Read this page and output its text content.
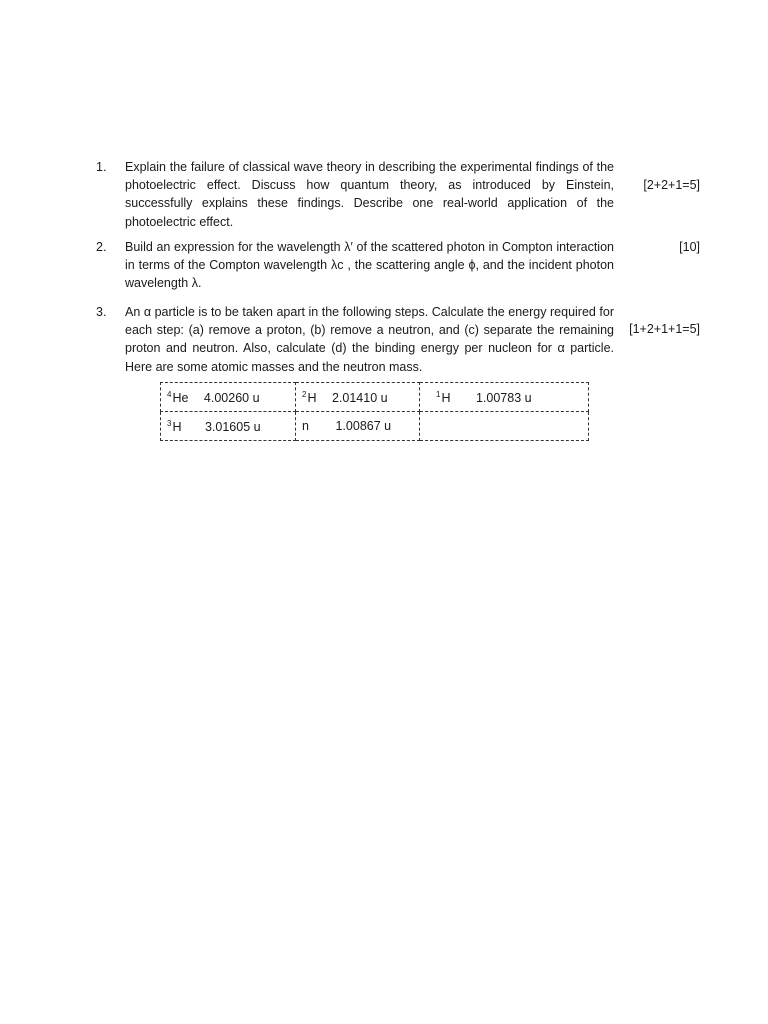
1. Explain the failure of classical wave theory in describing the experimental findings of the photoelectric effect. Discuss how quantum theory, as introduced by Einstein, successfully explains these findings. Describe one real-world application of the photoelectric effect.
[2+2+1=5]
2. Build an expression for the wavelength λ′ of the scattered photon in Compton interaction in terms of the Compton wavelength λc , the scattering angle ϕ, and the incident photon wavelength λ.
[10]
3. An α particle is to be taken apart in the following steps. Calculate the energy required for each step: (a) remove a proton, (b) remove a neutron, and (c) separate the remaining proton and neutron. Also, calculate (d) the binding energy per nucleon for α particle. Here are some atomic masses and the neutron mass.
[1+2+1+1=5]
$^4$He 4.00260 u	$^2$H 2.01410 u	$^1$H 1.00783 u
$^3$H 3.01605 u	n 1.00867 u	
